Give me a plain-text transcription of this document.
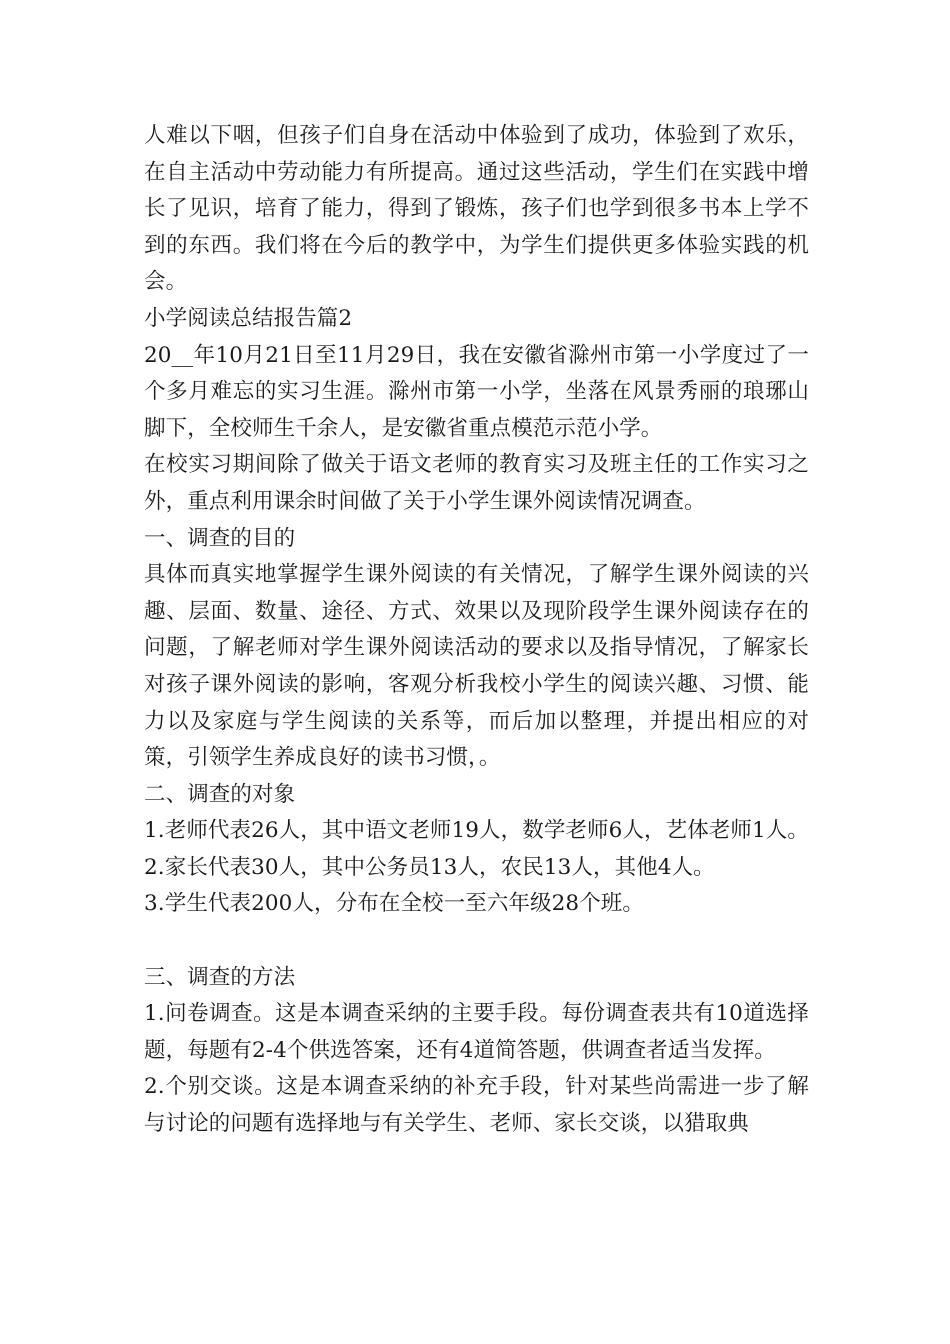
人难以下咽，但孩子们自身在活动中体验到了成功，体验到了欢乐，在自主活动中劳动能力有所提高。通过这些活动，学生们在实践中增长了见识，培育了能力，得到了锻炼，孩子们也学到很多书本上学不到的东西。我们将在今后的教学中，为学生们提供更多体验实践的机会。

小学阅读总结报告篇2

20__年10月21日至11月29日，我在安徽省滁州市第一小学度过了一个多月难忘的实习生涯。滁州市第一小学，坐落在风景秀丽的琅琊山脚下，全校师生千余人，是安徽省重点模范示范小学。

在校实习期间除了做关于语文老师的教育实习及班主任的工作实习之外，重点利用课余时间做了关于小学生课外阅读情况调查。

一、调查的目的

具体而真实地掌握学生课外阅读的有关情况，了解学生课外阅读的兴趣、层面、数量、途径、方式、效果以及现阶段学生课外阅读存在的问题，了解老师对学生课外阅读活动的要求以及指导情况，了解家长对孩子课外阅读的影响，客观分析我校小学生的阅读兴趣、习惯、能力以及家庭与学生阅读的关系等，而后加以整理，并提出相应的对策，引领学生养成良好的读书习惯，。

二、调查的对象

1.老师代表26人，其中语文老师19人，数学老师6人，艺体老师1人。

2.家长代表30人，其中公务员13人，农民13人，其他4人。

3.学生代表200人，分布在全校一至六年级28个班。

三、调查的方法

1.问卷调查。这是本调查采纳的主要手段。每份调查表共有10道选择题，每题有2-4个供选答案，还有4道简答题，供调查者适当发挥。

2.个别交谈。这是本调查采纳的补充手段，针对某些尚需进一步了解与讨论的问题有选择地与有关学生、老师、家长交谈，以猎取典
